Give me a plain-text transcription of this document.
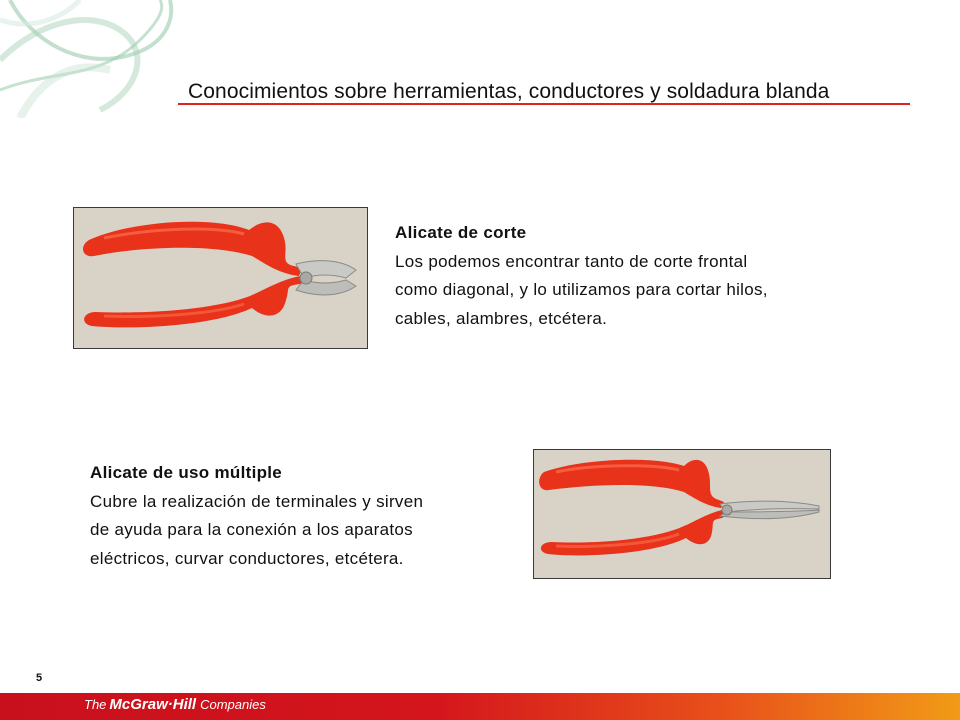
Conocimientos sobre herramientas, conductores y soldadura blanda
Alicate de corte
Los podemos encontrar tanto de corte frontal
como diagonal, y lo utilizamos para cortar hilos,
cables, alambres, etcétera.
Alicate de uso múltiple
Cubre la realización de terminales y sirven
de ayuda para la conexión a los aparatos
eléctricos, curvar conductores, etcétera.
5
The McGraw·Hill Companies
